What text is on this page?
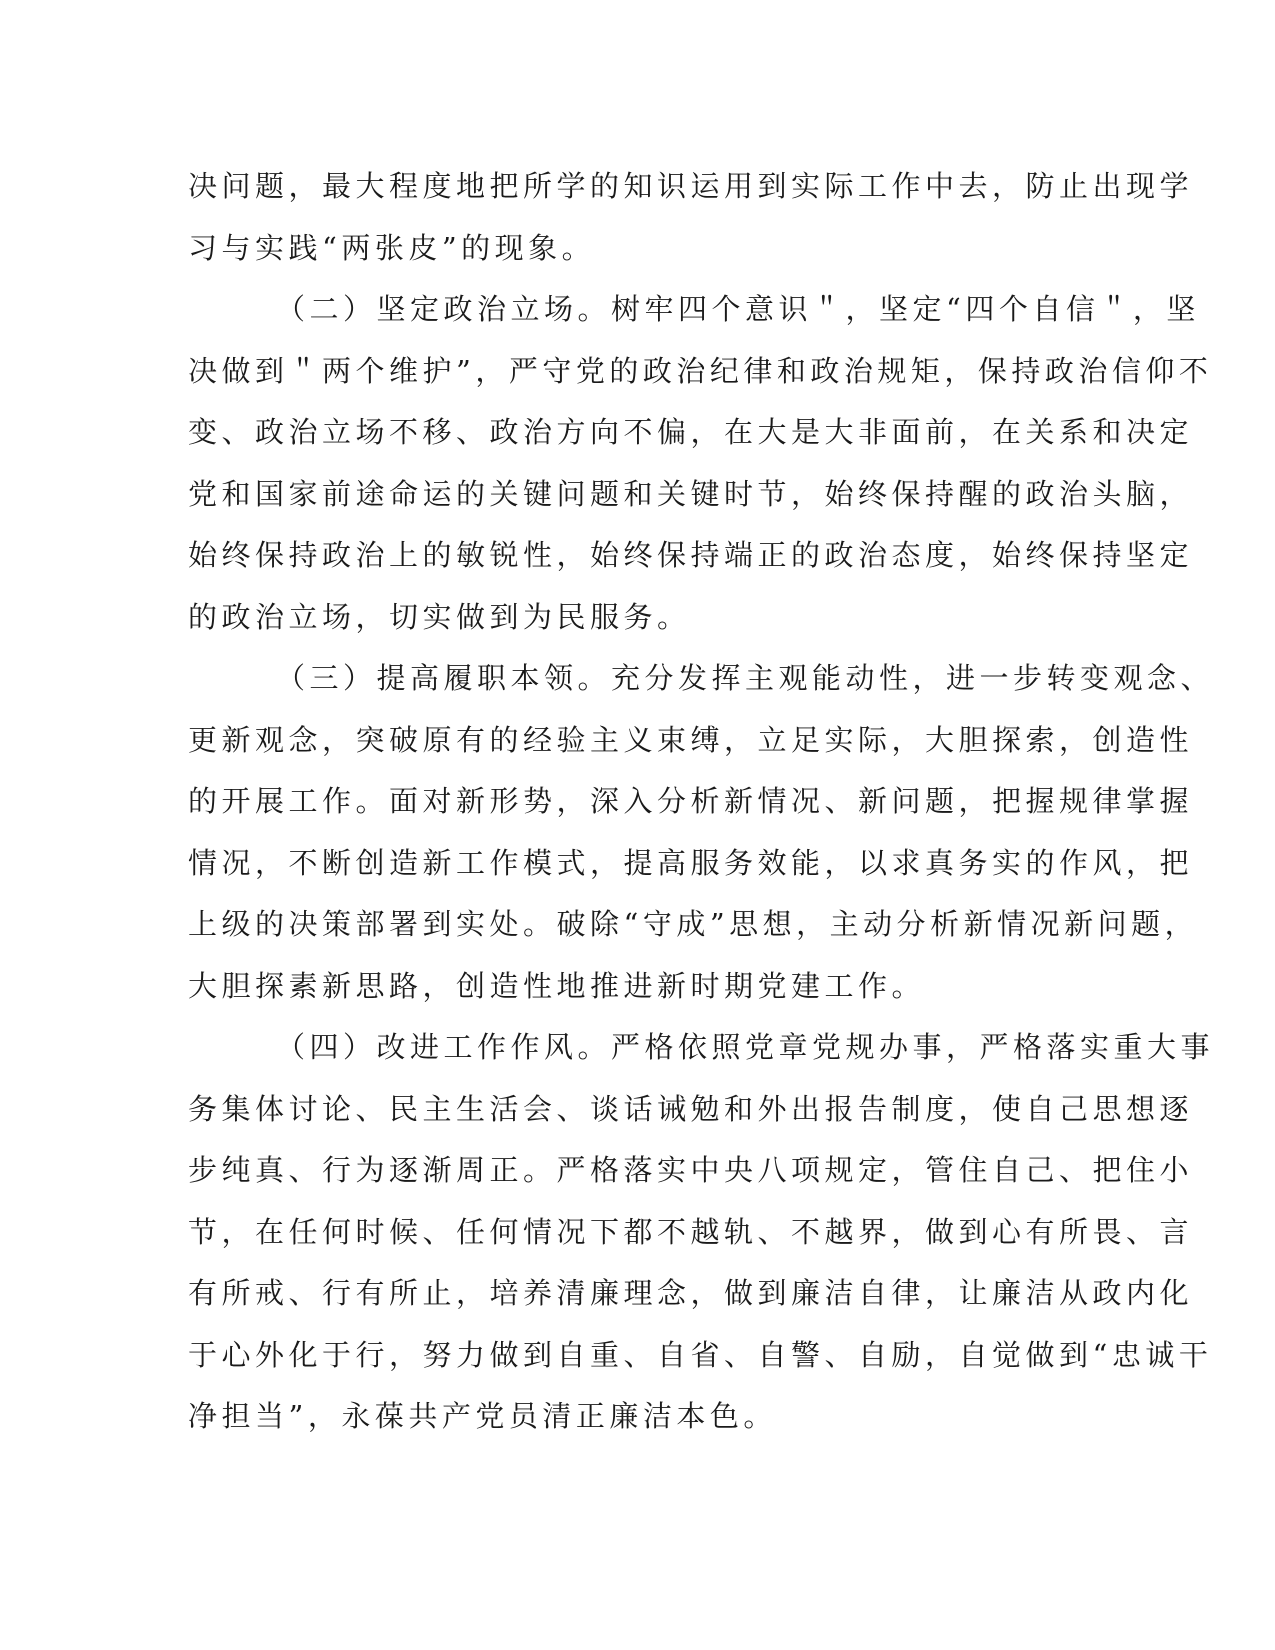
决问题，最大程度地把所学的知识运用到实际工作中去，防止出现学
习与实践“两张皮”的现象。
（二）坚定政治立场。树牢四个意识＂，坚定“四个自信＂，坚
决做到＂两个维护”，严守党的政治纪律和政治规矩，保持政治信仰不
变、政治立场不移、政治方向不偏，在大是大非面前，在关系和决定
党和国家前途命运的关键问题和关键时节，始终保持醒的政治头脑，
始终保持政治上的敏锐性，始终保持端正的政治态度，始终保持坚定
的政治立场，切实做到为民服务。
（三）提高履职本领。充分发挥主观能动性，进一步转变观念、
更新观念，突破原有的经验主义束缚，立足实际，大胆探索，创造性
的开展工作。面对新形势，深入分析新情况、新问题，把握规律掌握
情况，不断创造新工作模式，提高服务效能，以求真务实的作风，把
上级的决策部署到实处。破除“守成”思想，主动分析新情况新问题，
大胆探素新思路，创造性地推进新时期党建工作。
（四）改进工作作风。严格依照党章党规办事，严格落实重大事
务集体讨论、民主生活会、谈话诫勉和外出报告制度，使自己思想逐
步纯真、行为逐渐周正。严格落实中央八项规定，管住自己、把住小
节，在任何时候、任何情况下都不越轨、不越界，做到心有所畏、言
有所戒、行有所止，培养清廉理念，做到廉洁自律，让廉洁从政内化
于心外化于行，努力做到自重、自省、自警、自励，自觉做到“忠诚干
净担当”，永葆共产党员清正廉洁本色。
